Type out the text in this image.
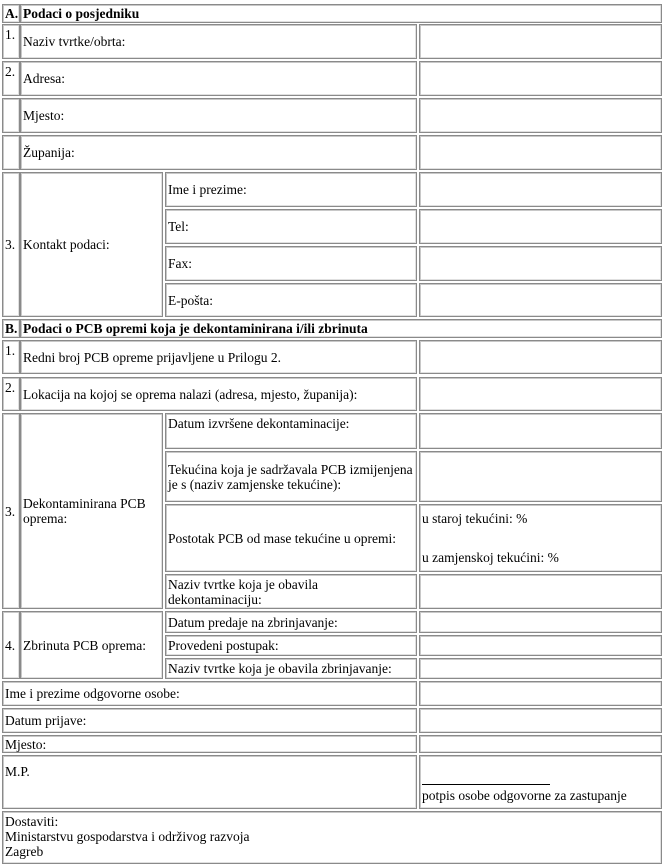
A. Podaci o posjedniku
1. Naziv tvrtke/obrta:
2. Adresa:
Mjesto:
Županija:
3. Kontakt podaci:
Ime i prezime:
Tel:
Fax:
E-pošta:
B. Podaci o PCB opremi koja je dekontaminirana i/ili zbrinuta
1. Redni broj PCB opreme prijavljene u Prilogu 2.
2. Lokacija na kojoj se oprema nalazi (adresa, mjesto, županija):
3. Dekontaminirana PCB oprema:
Datum izvršene dekontaminacije:
Tekućina koja je sadržavala PCB izmijenjena je s (naziv zamjenske tekućine):
Postotak PCB od mase tekućine u opremi:
u staroj tekućini: %
u zamjenskoj tekućini: %
Naziv tvrtke koja je obavila dekontaminaciju:
4. Zbrinuta PCB oprema:
Datum predaje na zbrinjavanje:
Provedeni postupak:
Naziv tvrtke koja je obavila zbrinjavanje:
Ime i prezime odgovorne osobe:
Datum prijave:
Mjesto:
M.P.
potpis osobe odgovorne za zastupanje
Dostaviti:
Ministarstvu gospodarstva i održivog razvoja
Zagreb
